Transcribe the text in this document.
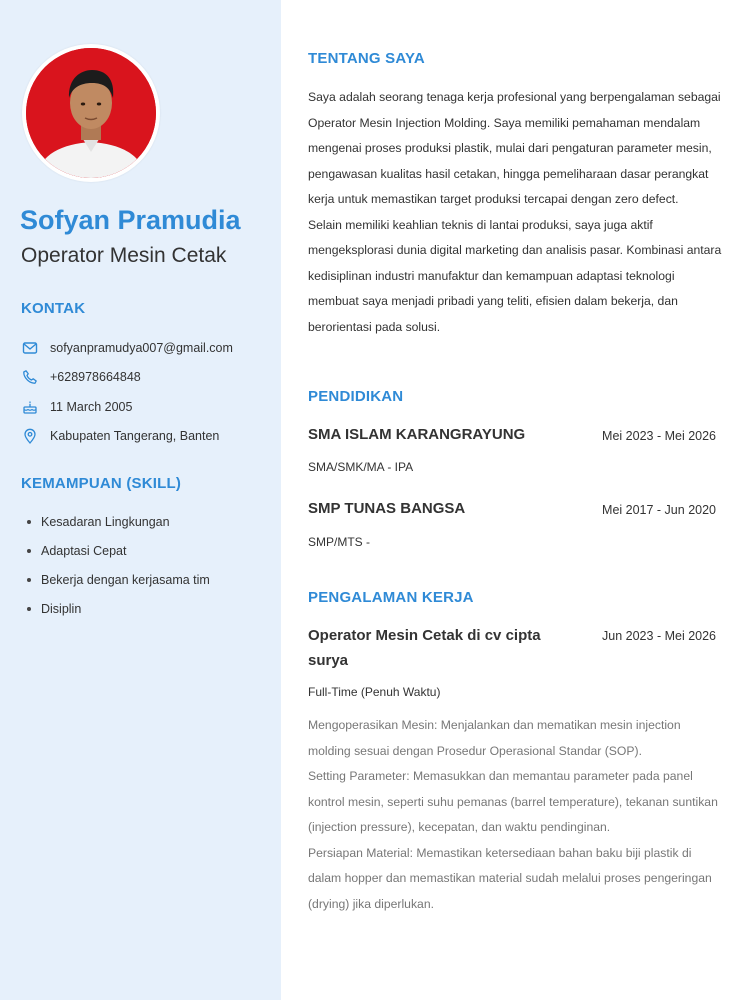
Sofyan Pramudia
Operator Mesin Cetak
KONTAK
sofyanpramudya007@gmail.com
+628978664848
11 March 2005
Kabupaten Tangerang, Banten
KEMAMPUAN (SKILL)
Kesadaran Lingkungan
Adaptasi Cepat
Bekerja dengan kerjasama tim
Disiplin
TENTANG SAYA

Saya adalah seorang tenaga kerja profesional yang berpengalaman sebagai Operator Mesin Injection Molding. Saya memiliki pemahaman mendalam mengenai proses produksi plastik, mulai dari pengaturan parameter mesin, pengawasan kualitas hasil cetakan, hingga pemeliharaan dasar perangkat kerja untuk memastikan target produksi tercapai dengan zero defect.

Selain memiliki keahlian teknis di lantai produksi, saya juga aktif mengeksplorasi dunia digital marketing dan analisis pasar. Kombinasi antara kedisiplinan industri manufaktur dan kemampuan adaptasi teknologi membuat saya menjadi pribadi yang teliti, efisien dalam bekerja, dan berorientasi pada solusi.

PENDIDIKAN
SMA ISLAM KARANGRAYUNG	Mei 2023 - Mei 2026
SMA/SMK/MA - IPA
SMP TUNAS BANGSA	Mei 2017 - Jun 2020
SMP/MTS -
PENGALAMAN KERJA
Operator Mesin Cetak di cv cipta surya
Jun 2023 - Mei 2026
Full-Time (Penuh Waktu)

Mengoperasikan Mesin: Menjalankan dan mematikan mesin injection molding sesuai dengan Prosedur Operasional Standar (SOP).

Setting Parameter: Memasukkan dan memantau parameter pada panel kontrol mesin, seperti suhu pemanas (barrel temperature), tekanan suntikan (injection pressure), kecepatan, dan waktu pendinginan.

Persiapan Material: Memastikan ketersediaan bahan baku biji plastik di dalam hopper dan memastikan material sudah melalui proses pengeringan (drying) jika diperlukan.
